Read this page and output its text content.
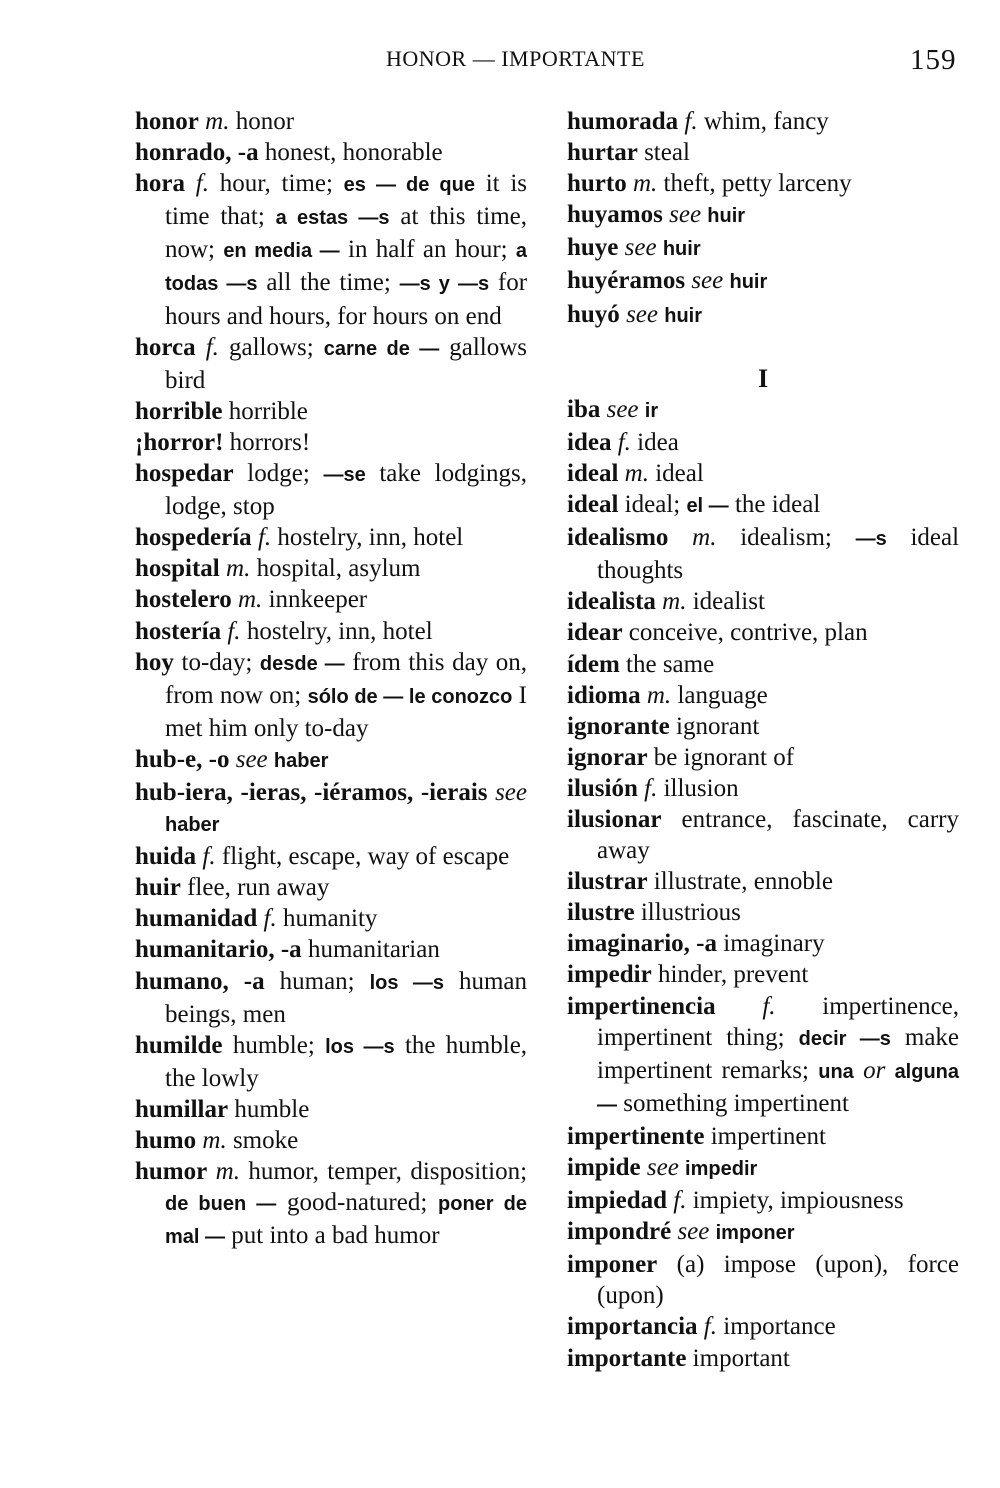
HONOR — IMPORTANTE	159
honor m. honor
honrado, -a honest, honorable
hora f. hour, time; es — de que it is time that; a estas —s at this time, now; en media — in half an hour; a todas —s all the time; —s y —s for hours and hours, for hours on end
horca f. gallows; carne de — gallows bird
horrible horrible
¡horror! horrors!
hospedar lodge; —se take lodgings, lodge, stop
hospedería f. hostelry, inn, hotel
hospital m. hospital, asylum
hostelero m. innkeeper
hostería f. hostelry, inn, hotel
hoy to-day; desde — from this day on, from now on; sólo de — le conozco I met him only to-day
hub-e, -o see haber
hub-iera, -ieras, -iéramos, -ierais see haber
huida f. flight, escape, way of escape
huir flee, run away
humanidad f. humanity
humanitario, -a humanitarian
humano, -a human; los —s human beings, men
humilde humble; los —s the humble, the lowly
humillar humble
humo m. smoke
humor m. humor, temper, disposition; de buen — good-natured; poner de mal — put into a bad humor
humorada f. whim, fancy
hurtar steal
hurto m. theft, petty larceny
huyamos see huir
huye see huir
huyéramos see huir
huyó see huir
I
iba see ir
idea f. idea
ideal m. ideal
ideal ideal; el — the ideal
idealismo m. idealism; —s ideal thoughts
idealista m. idealist
idear conceive, contrive, plan
ídem the same
idioma m. language
ignorante ignorant
ignorar be ignorant of
ilusión f. illusion
ilusionar entrance, fascinate, carry away
ilustrar illustrate, ennoble
ilustre illustrious
imaginario, -a imaginary
impedir hinder, prevent
impertinencia f. impertinence, impertinent thing; decir —s make impertinent remarks; una or alguna — something impertinent
impertinente impertinent
impide see impedir
impiedad f. impiety, impiousness
impondré see imponer
imponer (a) impose (upon), force (upon)
importancia f. importance
importante important
